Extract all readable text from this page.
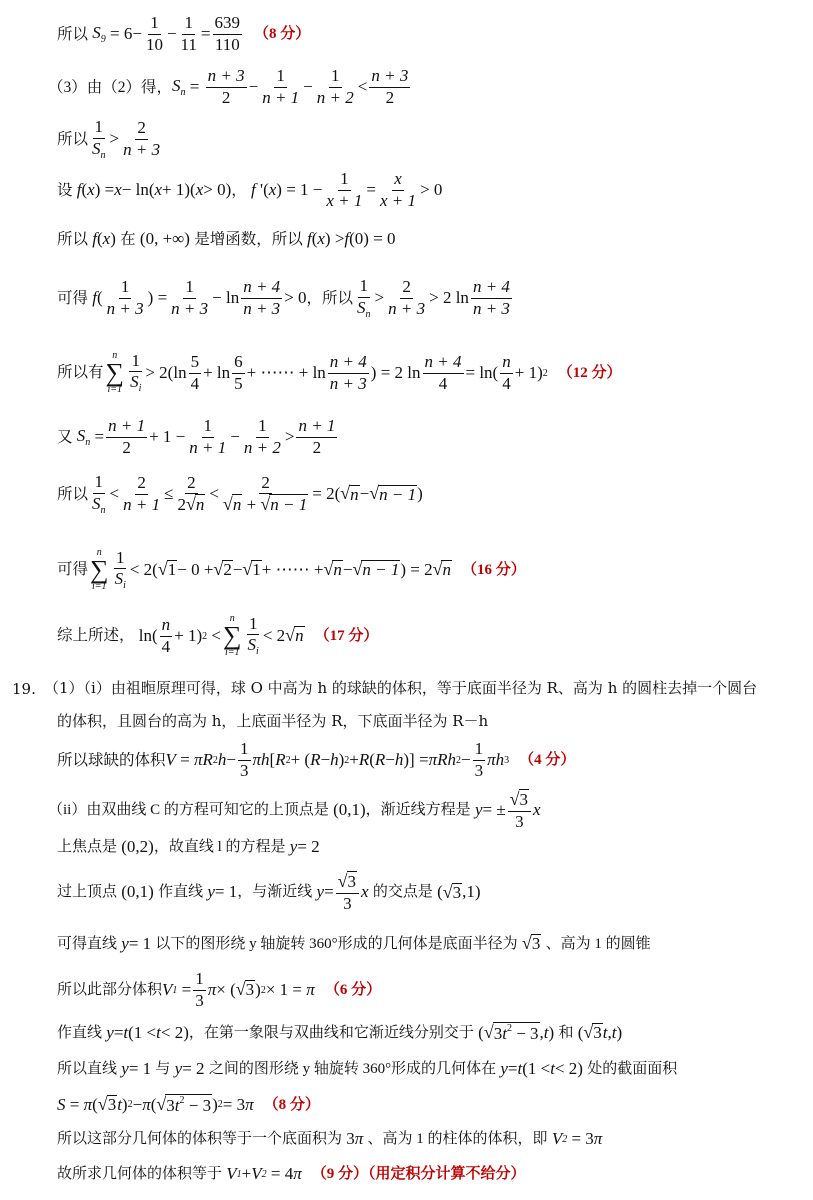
所以 $S_9 = 6- \frac{1}{10} - \frac{1}{11} = \frac{639}{110} (8$ 分）
（3）由（2）得， $S_n = \frac{n + 3}{2} - \frac{1}{n + 1} - \frac{1}{n + 2} < \frac{n + 3}{2}$
所以 $\frac{1}{S_n} > \frac{2}{n + 3}$
设
f ( x ) = x − ln( x + 1)( x > 0) ，
f '( x ) = $1 - \frac{1}{x + 1} = \frac{x}{x + 1} > 0$
所以
f ( x ) 在 (0, +∞) 是增函数，所以
f ( x ) > f (0) = 0
可得
f ( $\frac{1}{n + 3}$ ) = $\frac{1}{n + 3} - \ln \frac{n + 4}{n + 3} > 0$ ，所以 $\frac{1}{S_n} > \frac{2}{n + 3} > 2$ $\ln \frac{n + 4}{n + 3}$
所以有
n
∑
$i=1 \frac{1}{S_i} > 2(\ln \frac{5}{4} + \ln \frac{6}{5}$ + ⋯⋯ + $\ln \frac{n + 4}{n + 3}$ ) = 2 $\ln \frac{n + 4}{4} = \ln( \frac{n}{4} + 1)$ 2 （12 分）
又 $S_n = \frac{n + 1}{2} + 1 - \frac{1}{n + 1} - \frac{1}{n + 2} > \frac{n + 1}{2}$
所以 $\frac{1}{S_n} < \frac{2}{n + 1} \le \frac{2}{2√n} < \frac{2}{√n + √n - 1} = 2$( √ n − √ n − 1 )
可得
n
∑
$i=1 \frac{1}{S_i} < 2$( √ 1 − 0 + √ 2 − √ 1 + ⋯⋯ + √ n − √ n − 1 ) = 2 √ n （16 分）
综上所述， $\ln( \frac{n}{4} + 1)$ 2 <
n
∑
$i=1 \frac{1}{S_i} < 2$ √ n （17 分）
19. （1）（i）由祖暅原理可得，球 O 中高为 h 的球缺的体积，等于底面半径为 R、高为 h 的圆柱去掉一个圆台
的体积，且圆台的高为 h，上底面半径为 R，下底面半径为 R－h
所以球缺的体积 V = πR 2 $h - \frac{1}{3}$ πh [ R 2 + ( R − h ) 2 + R ( R − h )] = πRh $2 - \frac{1}{3}$ πh 3 （4 分）
（ii）由双曲线 C 的方程可知它的上顶点是 (0,1) ，渐近线方程是
y = ± $\frac{√3}{3}$ x
上焦点是 (0,2) ，故直线 l 的方程是
y = 2
过上顶点 (0,1) 作直线
y = 1 ，与渐近线
$y = \frac{√3}{3}$ x
的交点是 ( √ 3 ,1)
可得直线
y = 1 以下的图形绕 y 轴旋转 360°形成的几何体是底面半径为
√ 3
、高为 1 的圆锥
所以此部分体积 V $1 = \frac{1}{3}$ π × ( √ 3 ) 2 × 1 = π （6 分）
作直线
y = t (1 < t < 2) ，在第一象限与双曲线和它渐近线分别交于 ( √ $3t^2 - 3$ , t ) 和 ( √ 3 t , t )
所以直线
y = 1 与
y = 2 之间的图形绕 y 轴旋转 360°形成的几何体在
y = t (1 < t < 2) 处的截面面积
S = π ( √ 3 t ) 2 − π ( √ $3t^2 - 3$ ) 2 = 3 π （8 分）
所以这部分几何体的体积等于一个底面积为 3 π
、高为 1 的柱体的体积，即
V 2 = 3 π
故所求几何体的体积等于
V 1 + V 2 = 4 π （9 分）（用定积分计算不给分）
